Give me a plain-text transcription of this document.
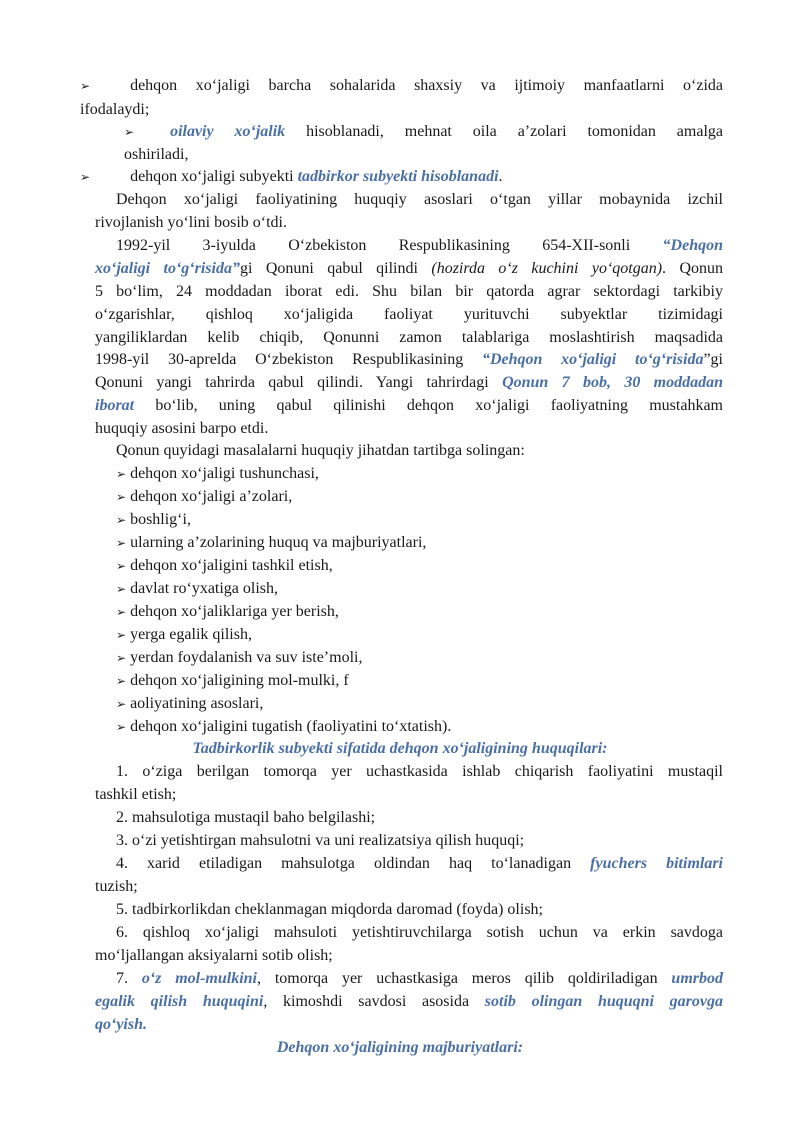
➢	dehqon xo‘jaligi barcha sohalarida shaxsiy va ijtimoiy manfaatlarni o‘zida
ifodalaydi;
➢ oilaviy xo‘jalik hisoblanadi, mehnat oila a’zolari tomonidan amalga
oshiriladi,
➢	dehqon xo‘jaligi subyekti tadbirkor subyekti hisoblanadi.
Dehqon xo‘jaligi faoliyatining huquqiy asoslari o‘tgan yillar mobaynida izchil
rivojlanish yo‘lini bosib o‘tdi.
1992-yil 3-iyulda O‘zbekiston Respublikasining 654-XII-sonli “Dehqon
xo‘jaligi to‘g‘risida”gi Qonuni qabul qilindi (hozirda o‘z kuchini yo‘qotgan). Qonun
5 bo‘lim, 24 moddadan iborat edi. Shu bilan bir qatorda agrar sektordagi tarkibiy
o‘zgarishlar, qishloq xo‘jaligida faoliyat yurituvchi subyektlar tizimidagi
yangiliklardan kelib chiqib, Qonunni zamon talablariga moslashtirish maqsadida
1998-yil 30-aprelda O‘zbekiston Respublikasining “Dehqon xo‘jaligi to‘g‘risida”gi
Qonuni yangi tahrirda qabul qilindi. Yangi tahrirdagi Qonun 7 bob, 30 moddadan
iborat bo‘lib, uning qabul qilinishi dehqon xo‘jaligi faoliyatning mustahkam
huquqiy asosini barpo etdi.
Qonun quyidagi masalalarni huquqiy jihatdan tartibga solingan:
➢ dehqon xo‘jaligi tushunchasi,
➢ dehqon xo‘jaligi a’zolari,
➢ boshlig‘i,
➢ ularning a’zolarining huquq va majburiyatlari,
➢ dehqon xo‘jaligini tashkil etish,
➢ davlat ro‘yxatiga olish,
➢ dehqon xo‘jaliklariga yer berish,
➢ yerga egalik qilish,
➢ yerdan foydalanish va suv iste’moli,
➢ dehqon xo‘jaligining mol-mulki, f
➢ aoliyatining asoslari,
➢ dehqon xo‘jaligini tugatish (faoliyatini to‘xtatish).
Tadbirkorlik subyekti sifatida dehqon xo‘jaligining huquqilari:
1. o‘ziga berilgan tomorqa yer uchastkasida ishlab chiqarish faoliyatini mustaqil
tashkil etish;
2. mahsulotiga mustaqil baho belgilashi;
3. o‘zi yetishtirgan mahsulotni va uni realizatsiya qilish huquqi;
4. xarid etiladigan mahsulotga oldindan haq to‘lanadigan fyuchers bitimlari
tuzish;
5. tadbirkorlikdan cheklanmagan miqdorda daromad (foyda) olish;
6. qishloq xo‘jaligi mahsuloti yetishtiruvchilarga sotish uchun va erkin savdoga
mo‘ljallangan aksiyalarni sotib olish;
7. o‘z mol-mulkini, tomorqa yer uchastkasiga meros qilib qoldiriladigan umrbod
egalik qilish huquqini, kimoshdi savdosi asosida sotib olingan huquqni garovga
qo‘yish.
Dehqon xo‘jaligining majburiyatlari:
